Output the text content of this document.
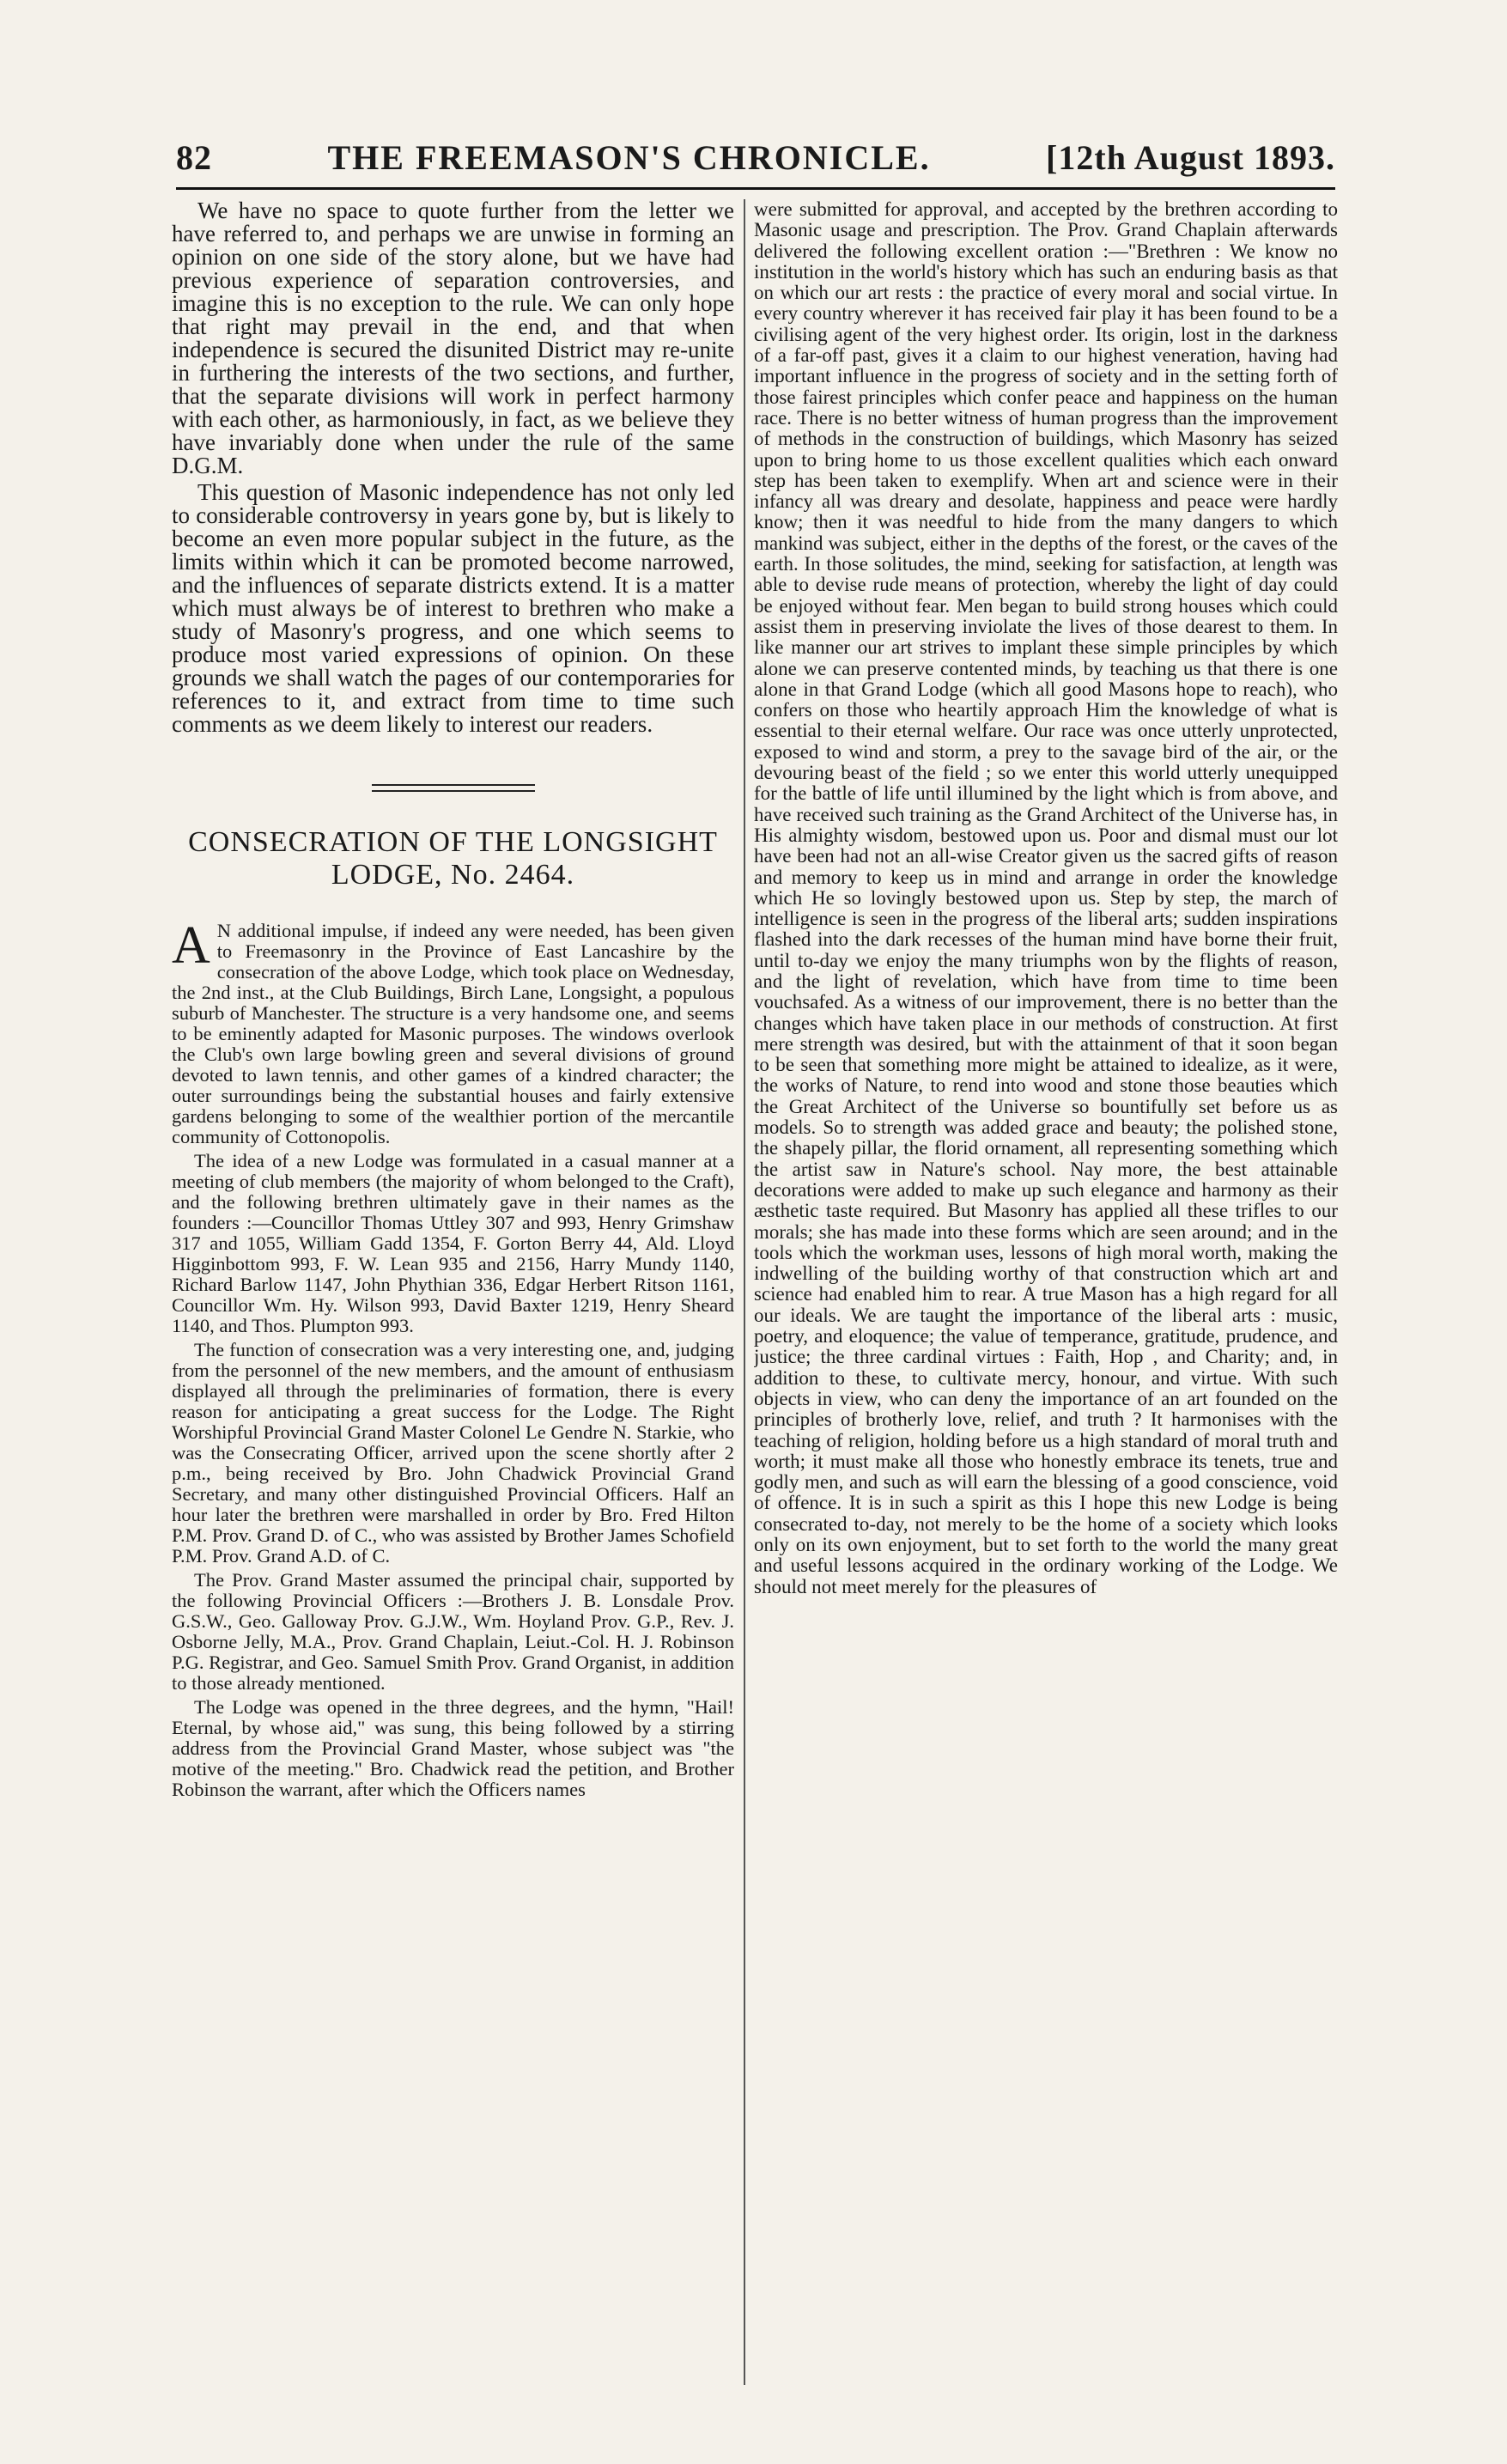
82	THE FREEMASON'S CHRONICLE.	[12th August 1893.

We have no space to quote further from the letter we have referred to, and perhaps we are unwise in forming an opinion on one side of the story alone, but we have had previous experience of separation controversies, and imagine this is no exception to the rule. We can only hope that right may prevail in the end, and that when independence is secured the disunited District may re-unite in furthering the interests of the two sections, and further, that the separate divisions will work in perfect harmony with each other, as harmoniously, in fact, as we believe they have invariably done when under the rule of the same D.G.M.

This question of Masonic independence has not only led to considerable controversy in years gone by, but is likely to become an even more popular subject in the future, as the limits within which it can be promoted become narrowed, and the influences of separate districts extend. It is a matter which must always be of interest to brethren who make a study of Masonry's progress, and one which seems to produce most varied expressions of opinion. On these grounds we shall watch the pages of our contemporaries for references to it, and extract from time to time such comments as we deem likely to interest our readers.

CONSECRATION OF THE LONGSIGHT
LODGE, No. 2464.

A N additional impulse, if indeed any were needed, has been given to Freemasonry in the Province of East Lancashire by the consecration of the above Lodge, which took place on Wednesday, the 2nd inst., at the Club Buildings, Birch Lane, Longsight, a populous suburb of Manchester. The structure is a very handsome one, and seems to be eminently adapted for Masonic purposes. The windows overlook the Club's own large bowling green and several divisions of ground devoted to lawn tennis, and other games of a kindred character; the outer surroundings being the substantial houses and fairly extensive gardens belonging to some of the wealthier portion of the mercantile community of Cottonopolis.

The idea of a new Lodge was formulated in a casual manner at a meeting of club members (the majority of whom belonged to the Craft), and the following brethren ultimately gave in their names as the founders :—Councillor Thomas Uttley 307 and 993, Henry Grimshaw 317 and 1055, William Gadd 1354, F. Gorton Berry 44, Ald. Lloyd Higginbottom 993, F. W. Lean 935 and 2156, Harry Mundy 1140, Richard Barlow 1147, John Phythian 336, Edgar Herbert Ritson 1161, Councillor Wm. Hy. Wilson 993, David Baxter 1219, Henry Sheard 1140, and Thos. Plumpton 993.

The function of consecration was a very interesting one, and, judging from the personnel of the new members, and the amount of enthusiasm displayed all through the preliminaries of formation, there is every reason for anticipating a great success for the Lodge. The Right Worshipful Provincial Grand Master Colonel Le Gendre N. Starkie, who was the Consecrating Officer, arrived upon the scene shortly after 2 p.m., being received by Bro. John Chadwick Provincial Grand Secretary, and many other distinguished Provincial Officers. Half an hour later the brethren were marshalled in order by Bro. Fred Hilton P.M. Prov. Grand D. of C., who was assisted by Brother James Schofield P.M. Prov. Grand A.D. of C.

The Prov. Grand Master assumed the principal chair, supported by the following Provincial Officers :—Brothers J. B. Lonsdale Prov. G.S.W., Geo. Galloway Prov. G.J.W., Wm. Hoyland Prov. G.P., Rev. J. Osborne Jelly, M.A., Prov. Grand Chaplain, Leiut.-Col. H. J. Robinson P.G. Registrar, and Geo. Samuel Smith Prov. Grand Organist, in addition to those already mentioned.

The Lodge was opened in the three degrees, and the hymn, "Hail! Eternal, by whose aid," was sung, this being followed by a stirring address from the Provincial Grand Master, whose subject was "the motive of the meeting." Bro. Chadwick read the petition, and Brother Robinson the warrant, after which the Officers names

were submitted for approval, and accepted by the brethren according to Masonic usage and prescription. The Prov. Grand Chaplain afterwards delivered the following excellent oration :—"Brethren : We know no institution in the world's history which has such an enduring basis as that on which our art rests : the practice of every moral and social virtue. In every country wherever it has received fair play it has been found to be a civilising agent of the very highest order. Its origin, lost in the darkness of a far-off past, gives it a claim to our highest veneration, having had important influence in the progress of society and in the setting forth of those fairest principles which confer peace and happiness on the human race. There is no better witness of human progress than the improvement of methods in the construction of buildings, which Masonry has seized upon to bring home to us those excellent qualities which each onward step has been taken to exemplify. When art and science were in their infancy all was dreary and desolate, happiness and peace were hardly know; then it was needful to hide from the many dangers to which mankind was subject, either in the depths of the forest, or the caves of the earth. In those solitudes, the mind, seeking for satisfaction, at length was able to devise rude means of protection, whereby the light of day could be enjoyed without fear. Men began to build strong houses which could assist them in preserving inviolate the lives of those dearest to them. In like manner our art strives to implant these simple principles by which alone we can preserve contented minds, by teaching us that there is one alone in that Grand Lodge (which all good Masons hope to reach), who confers on those who heartily approach Him the knowledge of what is essential to their eternal welfare. Our race was once utterly unprotected, exposed to wind and storm, a prey to the savage bird of the air, or the devouring beast of the field ; so we enter this world utterly unequipped for the battle of life until illumined by the light which is from above, and have received such training as the Grand Architect of the Universe has, in His almighty wisdom, bestowed upon us. Poor and dismal must our lot have been had not an all-wise Creator given us the sacred gifts of reason and memory to keep us in mind and arrange in order the knowledge which He so lovingly bestowed upon us. Step by step, the march of intelligence is seen in the progress of the liberal arts; sudden inspirations flashed into the dark recesses of the human mind have borne their fruit, until to-day we enjoy the many triumphs won by the flights of reason, and the light of revelation, which have from time to time been vouchsafed. As a witness of our improvement, there is no better than the changes which have taken place in our methods of construction. At first mere strength was desired, but with the attainment of that it soon began to be seen that something more might be attained to idealize, as it were, the works of Nature, to rend into wood and stone those beauties which the Great Architect of the Universe so bountifully set before us as models. So to strength was added grace and beauty; the polished stone, the shapely pillar, the florid ornament, all representing something which the artist saw in Nature's school. Nay more, the best attainable decorations were added to make up such elegance and harmony as their æsthetic taste required. But Masonry has applied all these trifles to our morals; she has made into these forms which are seen around; and in the tools which the workman uses, lessons of high moral worth, making the indwelling of the building worthy of that construction which art and science had enabled him to rear. A true Mason has a high regard for all our ideals. We are taught the importance of the liberal arts : music, poetry, and eloquence; the value of temperance, gratitude, prudence, and justice; the three cardinal virtues : Faith, Hop , and Charity; and, in addition to these, to cultivate mercy, honour, and virtue. With such objects in view, who can deny the importance of an art founded on the principles of brotherly love, relief, and truth ? It harmonises with the teaching of religion, holding before us a high standard of moral truth and worth; it must make all those who honestly embrace its tenets, true and godly men, and such as will earn the blessing of a good conscience, void of offence. It is in such a spirit as this I hope this new Lodge is being consecrated to-day, not merely to be the home of a society which looks only on its own enjoyment, but to set forth to the world the many great and useful lessons acquired in the ordinary working of the Lodge. We should not meet merely for the pleasures of
